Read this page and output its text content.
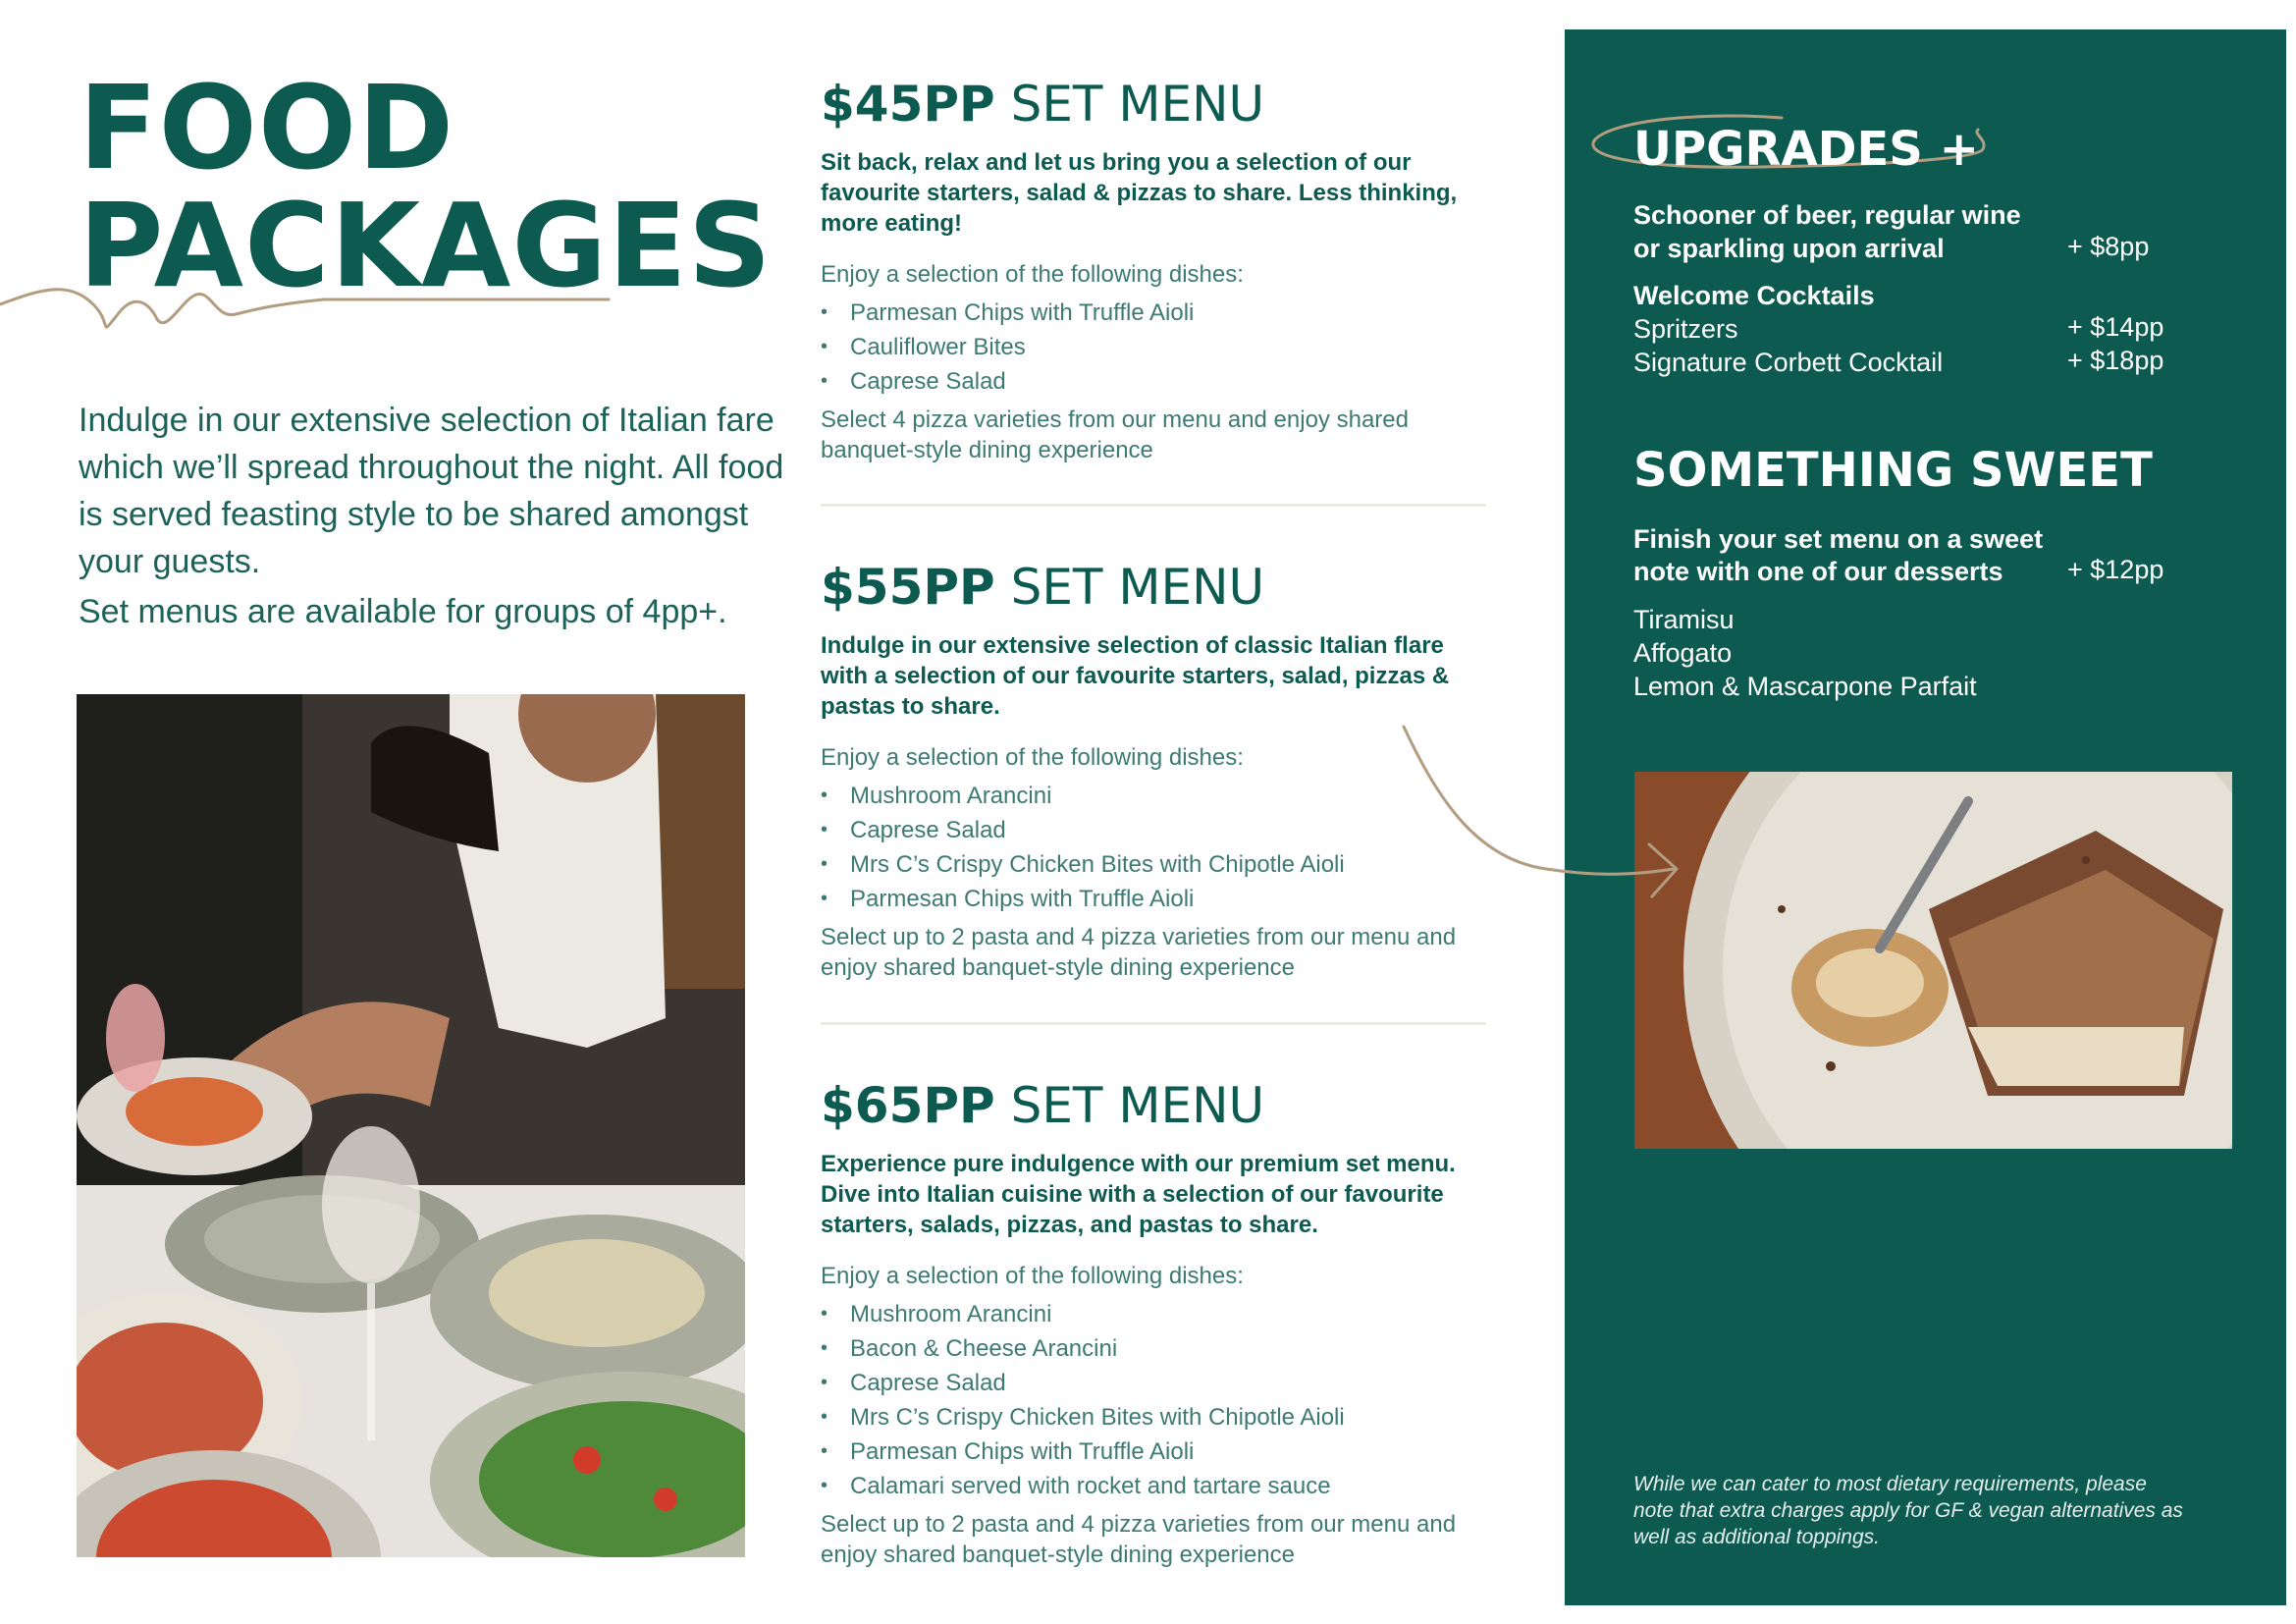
FOOD
PACKAGES
Indulge in our extensive selection of Italian fare which we’ll spread throughout the night. All food is served feasting style to be shared amongst your guests.
Set menus are available for groups of 4pp+.
$45PP SET MENU
Sit back, relax and let us bring you a selection of our favourite starters, salad & pizzas to share. Less thinking, more eating!
Enjoy a selection of the following dishes:
• Parmesan Chips with Truffle Aioli
• Cauliflower Bites
• Caprese Salad
Select 4 pizza varieties from our menu and enjoy shared banquet-style dining experience
$55PP SET MENU
Indulge in our extensive selection of classic Italian flare with a selection of our favourite starters, salad, pizzas & pastas to share.
Enjoy a selection of the following dishes:
• Mushroom Arancini
• Caprese Salad
• Mrs C’s Crispy Chicken Bites with Chipotle Aioli
• Parmesan Chips with Truffle Aioli
Select up to 2 pasta and 4 pizza varieties from our menu and enjoy shared banquet-style dining experience
$65PP SET MENU
Experience pure indulgence with our premium set menu. Dive into Italian cuisine with a selection of our favourite starters, salads, pizzas, and pastas to share.
Enjoy a selection of the following dishes:
• Mushroom Arancini
• Bacon & Cheese Arancini
• Caprese Salad
• Mrs C’s Crispy Chicken Bites with Chipotle Aioli
• Parmesan Chips with Truffle Aioli
• Calamari served with rocket and tartare sauce
Select up to 2 pasta and 4 pizza varieties from our menu and enjoy shared banquet-style dining experience
UPGRADES +
Schooner of beer, regular wine
or sparkling upon arrival	+ $8pp
Welcome Cocktails
Spritzers	+ $14pp
Signature Corbett Cocktail	+ $18pp
SOMETHING SWEET
Finish your set menu on a sweet
note with one of our desserts + $12pp
Tiramisu
Affogato
Lemon & Mascarpone Parfait
While we can cater to most dietary requirements, please note that extra charges apply for GF & vegan alternatives as well as additional toppings.
